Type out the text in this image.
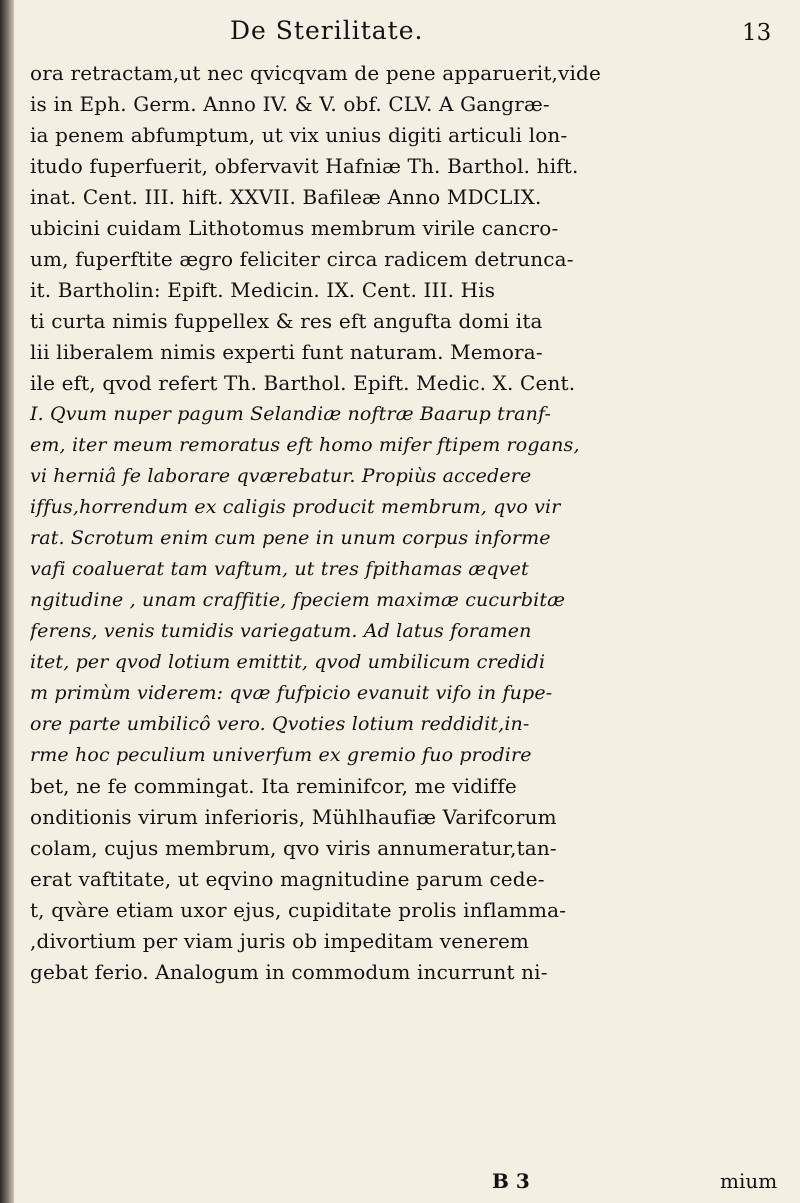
De Sterilitate.	13
ora retractam,ut nec qvicqvam de pene apparuerit,vide
is in Eph. Germ. Anno IV. & V. obf. CLV. A Gangræ-
ia penem abfumptum, ut vix unius digiti articuli lon-
itudo fuperfuerit, obfervavit Hafniæ Th. Barthol. hift.
inat. Cent. III. hift. XXVII. Bafileæ Anno MDCLIX.
ubicini cuidam Lithotomus membrum virile cancro-
um, fuperftite ægro feliciter circa radicem detrunca-
it. Bartholin: Epift. Medicin. IX. Cent. III. His
ti curta nimis fuppellex & res eft angufta domi ita
lii liberalem nimis experti funt naturam. Memora-
ile eft, qvod refert Th. Barthol. Epift. Medic. X. Cent.
I. Qvum nuper pagum Selandiæ noftræ Baarup tranf-
em, iter meum remoratus eft homo mifer ftipem rogans,
vi herniâ fe laborare qværebatur. Propiùs accedere
iffus,horrendum ex caligis producit membrum, qvo vir
rat. Scrotum enim cum pene in unum corpus informe
vafi coaluerat tam vaftum, ut tres fpithamas æqvet
ngitudine , unam craffitie, fpeciem maximæ cucurbitæ
ferens, venis tumidis variegatum. Ad latus foramen
itet, per qvod lotium emittit, qvod umbilicum credidi
m primùm viderem: qvæ fufpicio evanuit vifo in fupe-
ore parte umbilicô vero. Qvoties lotium reddidit,in-
rme hoc peculium univerfum ex gremio fuo prodire
bet, ne fe commingat. Ita reminifcor, me vidiffe
onditionis virum inferioris, Mühlhaufiæ Varifcorum
colam, cujus membrum, qvo viris annumeratur,tan-
erat vaftitate, ut eqvino magnitudine parum cede-
t, qvàre etiam uxor ejus, cupiditate prolis inflamma-
,divortium per viam juris ob impeditam venerem
gebat ferio. Analogum in commodum incurrunt ni-
B 3	mium
